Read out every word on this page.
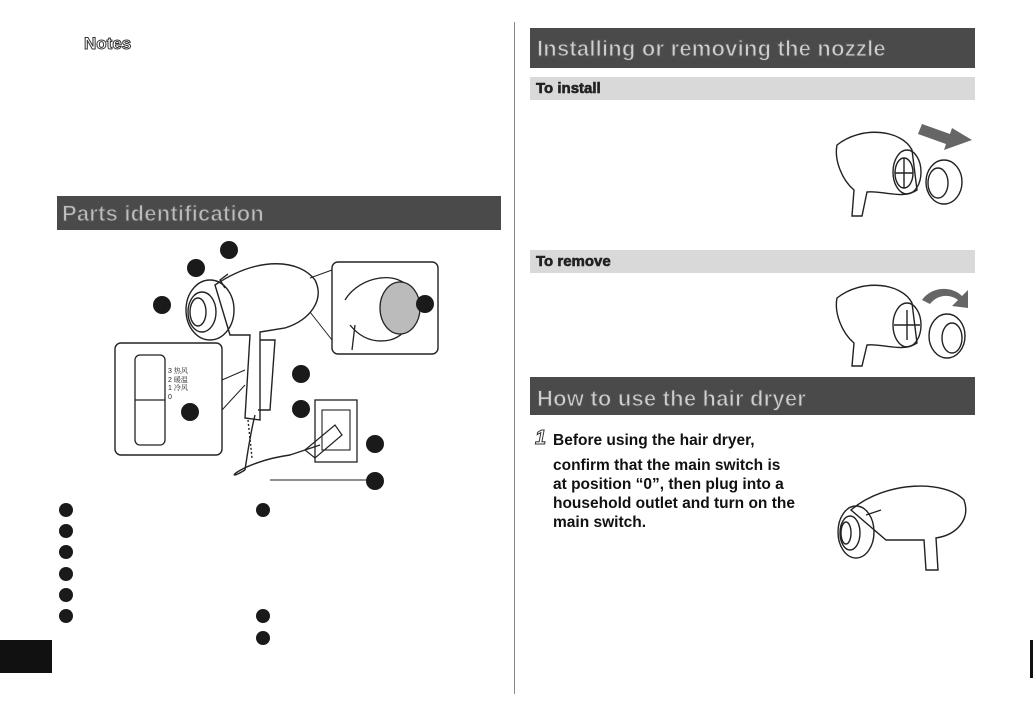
Notes
Parts identification
3 热风
2 暖温
1 冷风
0
Installing or removing the nozzle
To install
To remove
How to use the hair dryer
1 Before using the hair dryer,
confirm that the main switch is
at position “0”, then plug into a
household outlet and turn on the
main switch.
